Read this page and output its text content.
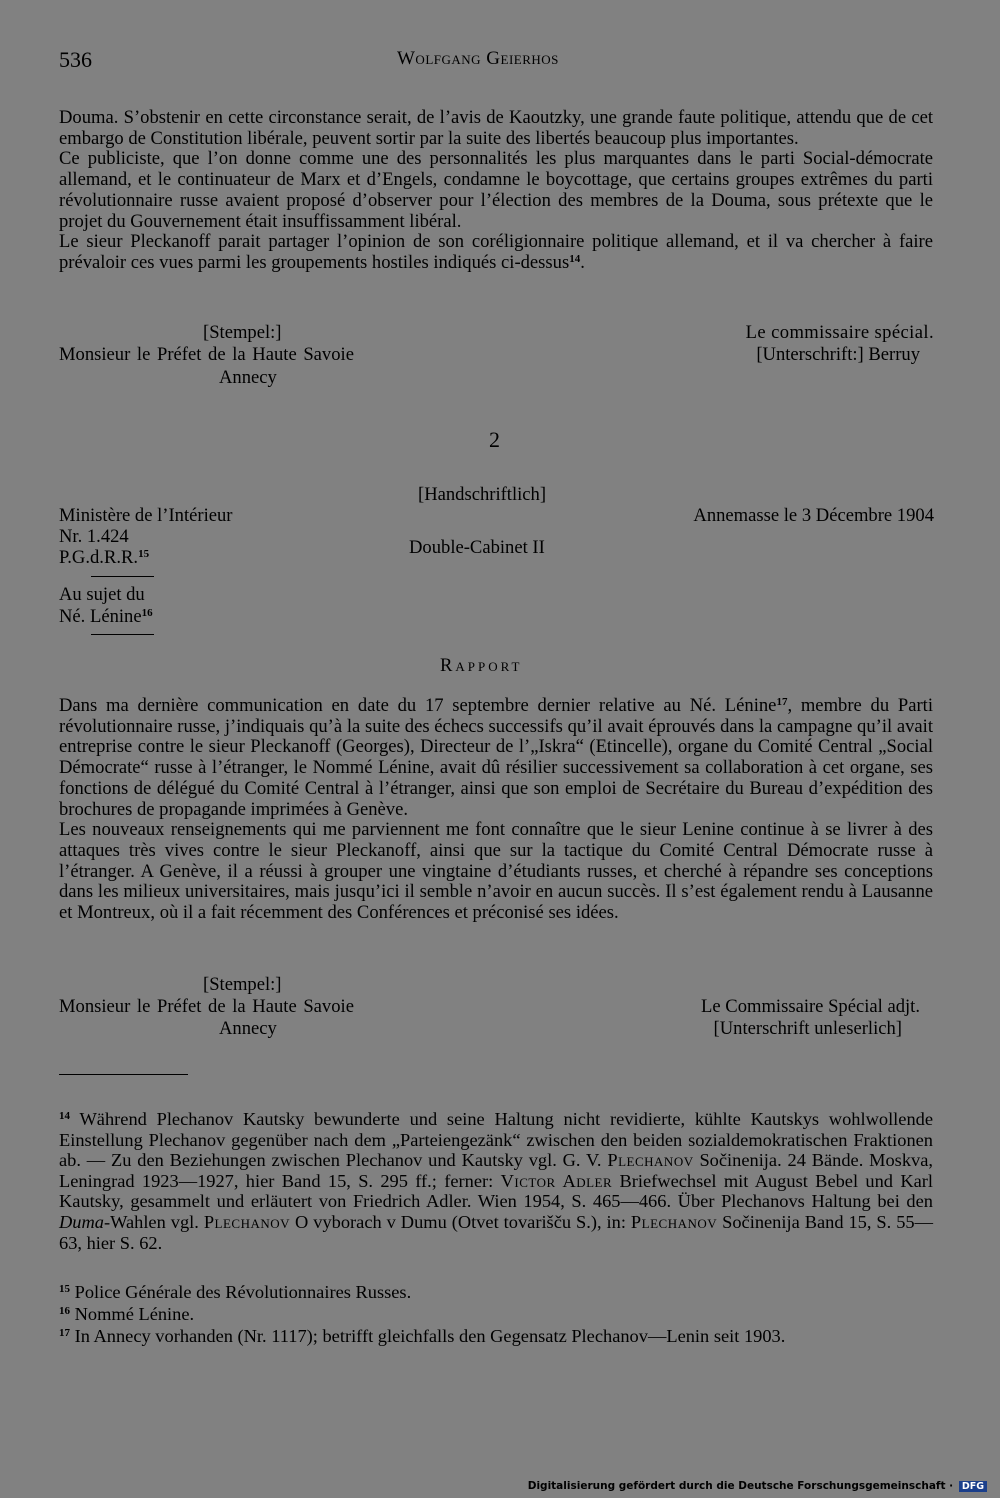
536	Wolfgang Geierhos
Douma. S’obstenir en cette circonstance serait, de l’avis de Kaoutzky, une grande faute politique, attendu que de cet embargo de Constitution libérale, peuvent sortir par la suite des libertés beaucoup plus importantes.
Ce publiciste, que l’on donne comme une des personnalités les plus marquantes dans le parti Social-démocrate allemand, et le continuateur de Marx et d’Engels, condamne le boycottage, que certains groupes extrêmes du parti révolutionnaire russe avaient proposé d’observer pour l’élection des membres de la Douma, sous prétexte que le projet du Gouvernement était insuffissamment libéral.
Le sieur Pleckanoff parait partager l’opinion de son coréligionnaire politique allemand, et il va chercher à faire prévaloir ces vues parmi les groupements hostiles indiqués ci-dessus$^{14}$.
[Stempel:]	Le commissaire spécial.
Monsieur le Préfet de la Haute Savoie	[Unterschrift:] Berruy
Annecy
2
[Handschriftlich]
Ministère de l’Intérieur	Annemasse le 3 Décembre 1904
Nr. 1.424
Double-Cabinet II
P.G.d.R.R.$^{15}$
Au sujet du
Né. Lénine$^{16}$
Rapport
Dans ma dernière communication en date du 17 septembre dernier relative au Né. Lénine$^{17}$, membre du Parti révolutionnaire russe, j’indiquais qu’à la suite des échecs successifs qu’il avait éprouvés dans la campagne qu’il avait entreprise contre le sieur Pleckanoff (Georges), Directeur de l’„Iskra“ (Etincelle), organe du Comité Central „Social Démocrate“ russe à l’étranger, le Nommé Lénine, avait dû résilier successivement sa collaboration à cet organe, ses fonctions de délégué du Comité Central à l’étranger, ainsi que son emploi de Secrétaire du Bureau d’expédition des brochures de propagande imprimées à Genève.
Les nouveaux renseignements qui me parviennent me font connaître que le sieur Lenine continue à se livrer à des attaques très vives contre le sieur Pleckanoff, ainsi que sur la tactique du Comité Central Démocrate russe à l’étranger. A Genève, il a réussi à grouper une vingtaine d’étudiants russes, et cherché à répandre ses conceptions dans les milieux universitaires, mais jusqu’ici il semble n’avoir en aucun succès. Il s’est également rendu à Lausanne et Montreux, où il a fait récemment des Conférences et préconisé ses idées.
[Stempel:]
Monsieur le Préfet de la Haute Savoie	Le Commissaire Spécial adjt.
Annecy	[Unterschrift unleserlich]
$^{14}$ Während Plechanov Kautsky bewunderte und seine Haltung nicht revidierte, kühlte Kautskys wohlwollende Einstellung Plechanov gegenüber nach dem „Parteiengezänk“ zwischen den beiden sozialdemokratischen Fraktionen ab. — Zu den Beziehungen zwischen Plechanov und Kautsky vgl. G. V. Plechanov Sočinenija. 24 Bände. Moskva, Leningrad 1923—1927, hier Band 15, S. 295 ff.; ferner: Victor Adler Briefwechsel mit August Bebel und Karl Kautsky, gesammelt und erläutert von Friedrich Adler. Wien 1954, S. 465—466. Über Plechanovs Haltung bei den Duma-Wahlen vgl. Plechanov O vyborach v Dumu (Otvet tovarišču S.), in: Plechanov Sočinenija Band 15, S. 55—63, hier S. 62.
$^{15}$ Police Générale des Révolutionnaires Russes.
$^{16}$ Nommé Lénine.
$^{17}$ In Annecy vorhanden (Nr. 1117); betrifft gleichfalls den Gegensatz Plechanov—Lenin seit 1903.
Digitalisierung gefördert durch die Deutsche Forschungsgemeinschaft · DFG
